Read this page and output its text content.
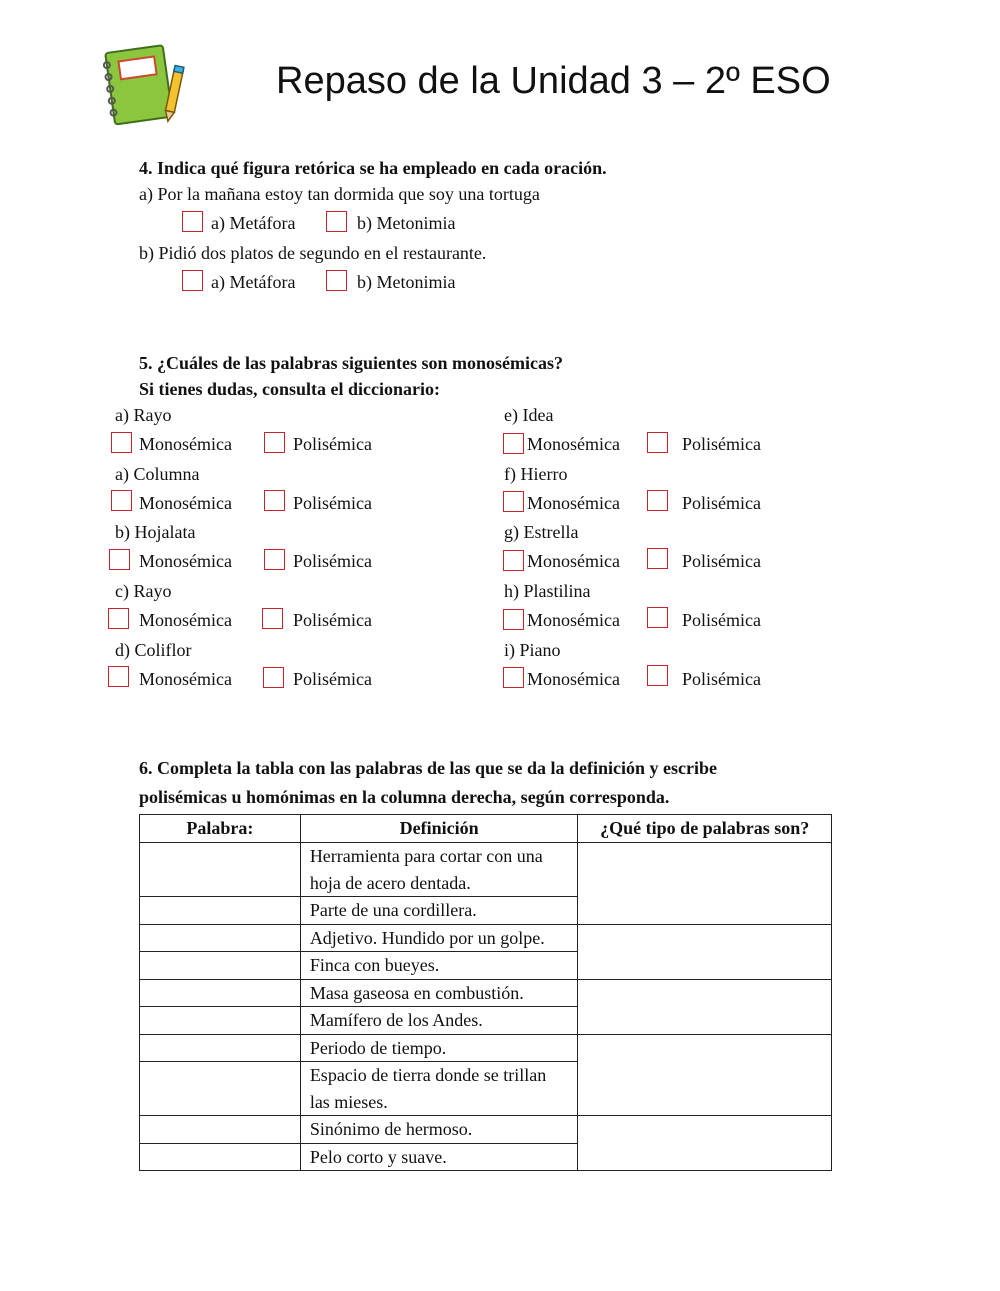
Repaso de la Unidad 3 – 2º ESO
4. Indica qué figura retórica se ha empleado en cada oración.
a) Por la mañana estoy tan dormida que soy una tortuga
a) Metáfora	b) Metonimia
b) Pidió dos platos de segundo en el restaurante.
a) Metáfora	b) Metonimia
5. ¿Cuáles de las palabras siguientes son monosémicas?
Si tienes dudas, consulta el diccionario:
a) Rayo
Monosémica	Polisémica
a) Columna
Monosémica	Polisémica
b) Hojalata
Monosémica	Polisémica
c) Rayo
Monosémica	Polisémica
d) Coliflor
Monosémica	Polisémica
e) Idea
Monosémica	Polisémica
f) Hierro
Monosémica	Polisémica
g) Estrella
Monosémica	Polisémica
h) Plastilina
Monosémica	Polisémica
i) Piano
Monosémica	Polisémica
6. Completa la tabla con las palabras de las que se da la definición y escribe
polisémicas u homónimas en la columna derecha, según corresponda.
Palabra:	Definición	¿Qué tipo de palabras son?
	Herramienta para cortar con una hoja de acero dentada.	
	Parte de una cordillera.	
	Adjetivo. Hundido por un golpe.	
	Finca con bueyes.	
	Masa gaseosa en combustión.	
	Mamífero de los Andes.	
	Periodo de tiempo.	
	Espacio de tierra donde se trillan las mieses.	
	Sinónimo de hermoso.	
	Pelo corto y suave.	
